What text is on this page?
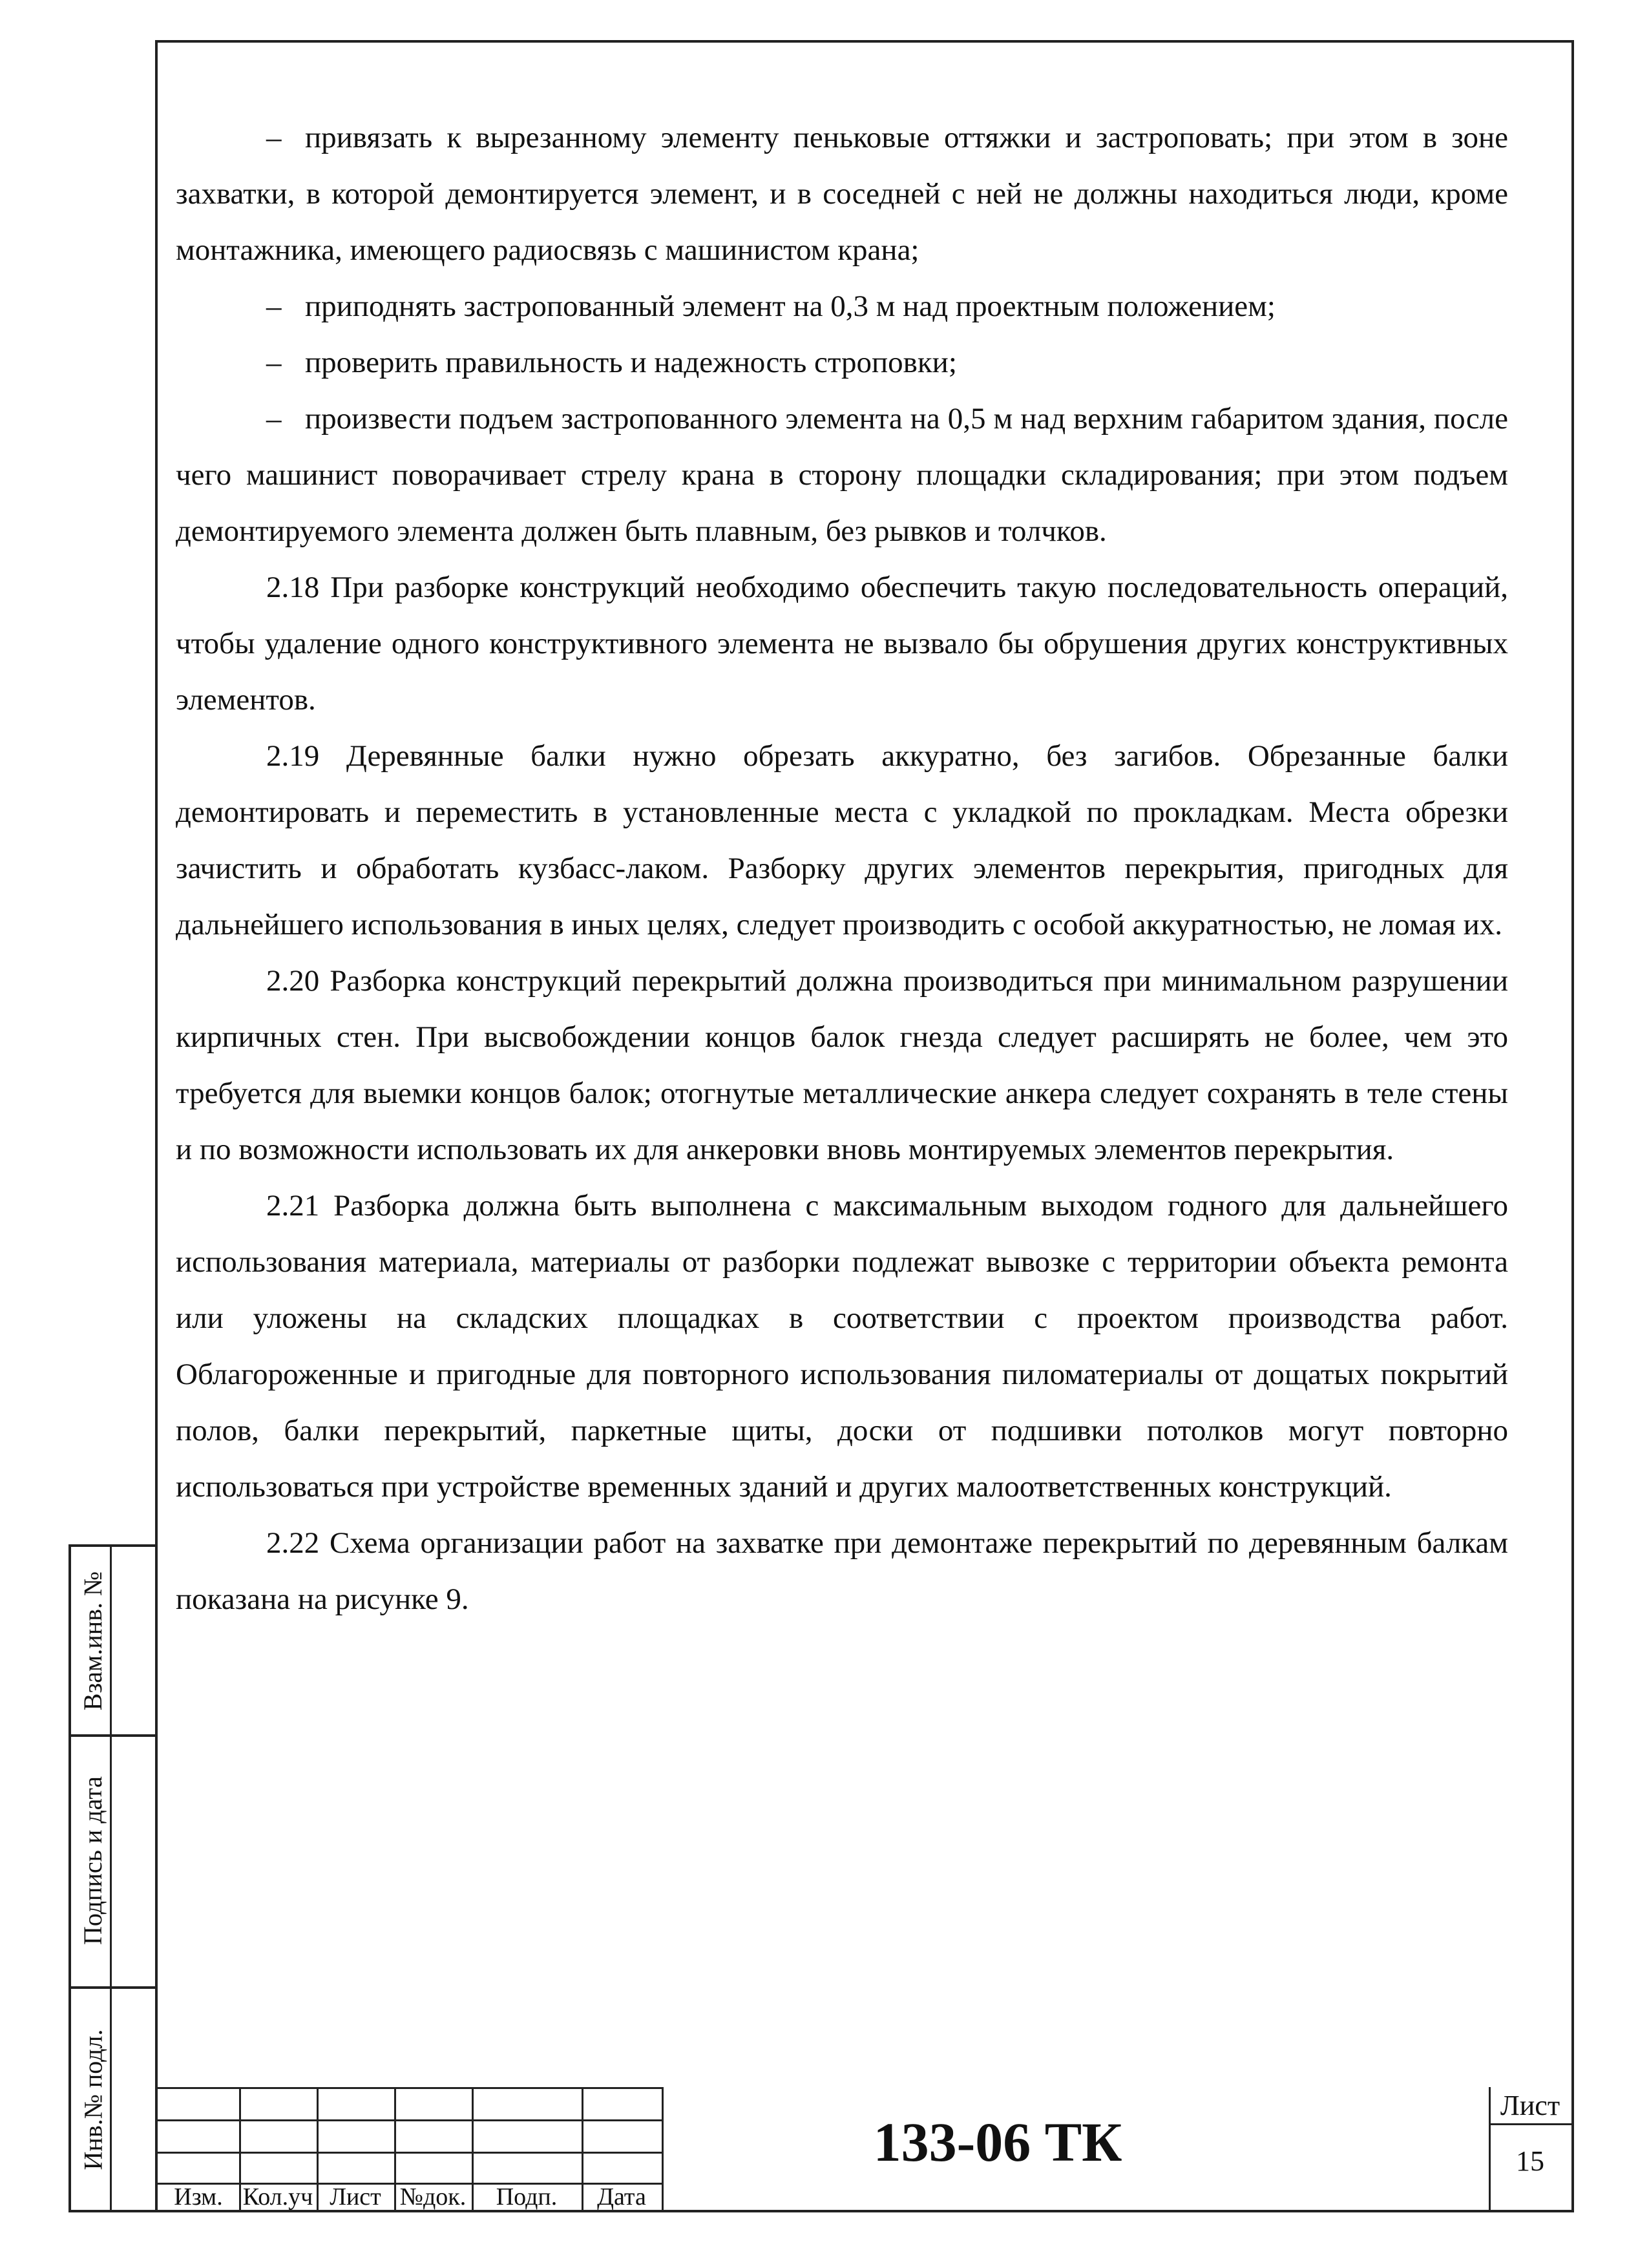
– привязать к вырезанному элементу пеньковые оттяжки и застроповать; при этом в зоне захватки, в которой демонтируется элемент, и в соседней с ней не должны находиться люди, кроме монтажника, имеющего радиосвязь с машинистом крана;

– приподнять застропованный элемент на 0,3 м над проектным положением;

– проверить правильность и надежность строповки;

– произвести подъем застропованного элемента на 0,5 м над верхним габаритом здания, после чего машинист поворачивает стрелу крана в сторону площадки складирования; при этом подъем демонтируемого элемента должен быть плавным, без рывков и толчков.

2.18 При разборке конструкций необходимо обеспечить такую последовательность операций, чтобы удаление одного конструктивного элемента не вызвало бы обрушения других конструктивных элементов.

2.19 Деревянные балки нужно обрезать аккуратно, без загибов. Обрезанные балки демонтировать и переместить в установленные места с укладкой по прокладкам. Места обрезки зачистить и обработать кузбасс-лаком. Разборку других элементов перекрытия, пригодных для дальнейшего использования в иных целях, следует производить с особой аккуратностью, не ломая их.

2.20 Разборка конструкций перекрытий должна производиться при минимальном разрушении кирпичных стен. При высвобождении концов балок гнезда следует расширять не более, чем это требуется для выемки концов балок; отогнутые металлические анкера следует сохранять в теле стены и по возможности использовать их для анкеровки вновь монтируемых элементов перекрытия.

2.21 Разборка должна быть выполнена с максимальным выходом годного для дальнейшего использования материала, материалы от разборки подлежат вывозке с территории объекта ремонта или уложены на складских площадках в соответствии с проектом производства работ. Облагороженные и пригодные для повторного использования пиломатериалы от дощатых покрытий полов, балки перекрытий, паркетные щиты, доски от подшивки потолков могут повторно использоваться при устройстве временных зданий и других малоответственных конструкций.

2.22 Схема организации работ на захватке при демонтаже перекрытий по деревянным балкам показана на рисунке 9.

Взам.инв. №
Подпись и дата
Инв.№ подл.
Изм. Кол.уч Лист №док.	Подп.	Дата
133-06 ТК
Лист
15
